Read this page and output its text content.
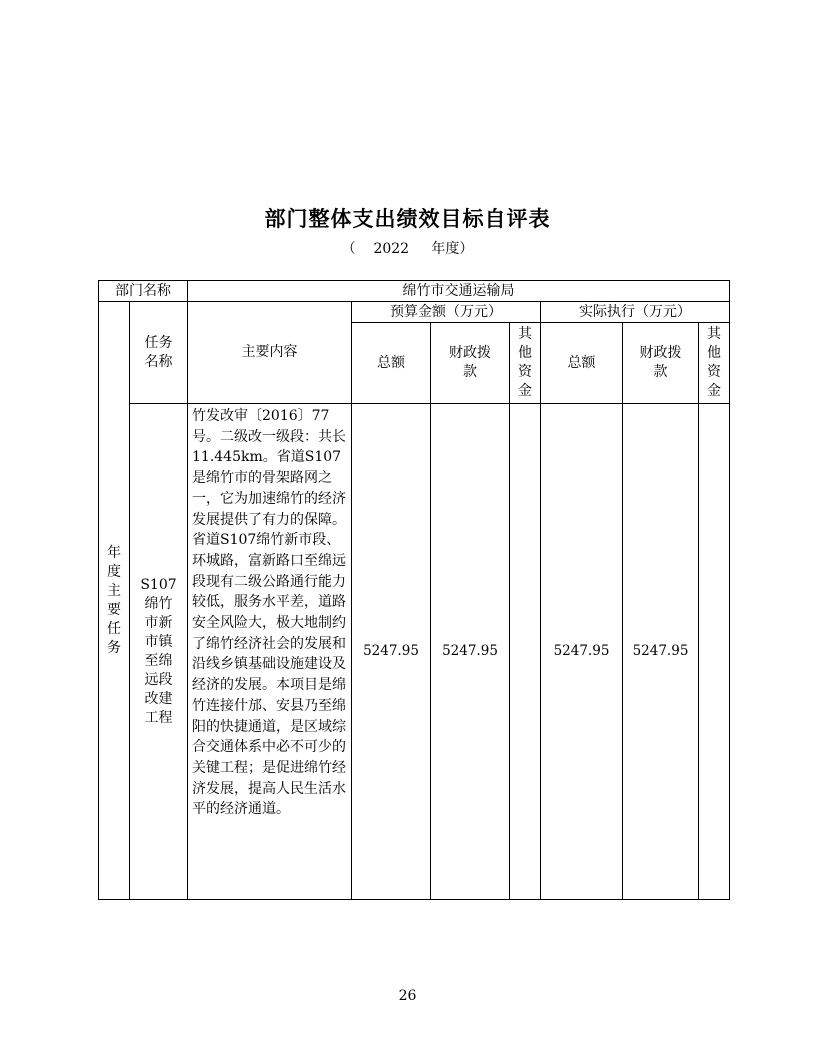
部门整体支出绩效目标自评表
（    2022     年度）
部门名称		绵竹市交通运输局						

年度主要任务	任务名称	主要内容	预算金额（万元）			实际执行（万元）		
			总额	财政拨款	其他资金	总额	财政拨款	其他资金

	S107绵竹市新市镇至绵远段改建工程	竹发改审〔2016〕77号。二级改一级段：共长 11.445km。省道S107是绵竹市的骨架路网之一，它为加速绵竹的经济发展提供了有力的保障。省道S107绵竹新市段、环城路，富新路口至绵远段现有二级公路通行能力较低，服务水平差，道路安全风险大，极大地制约了绵竹经济社会的发展和沿线乡镇基础设施建设及经济的发展。本项目是绵竹连接什邡、安县乃至绵阳的快捷通道，是区域综合交通体系中必不可少的关键工程；是促进绵竹经济发展，提高人民生活水平的经济通道。	5247.95	5247.95		5247.95	5247.95	
26
